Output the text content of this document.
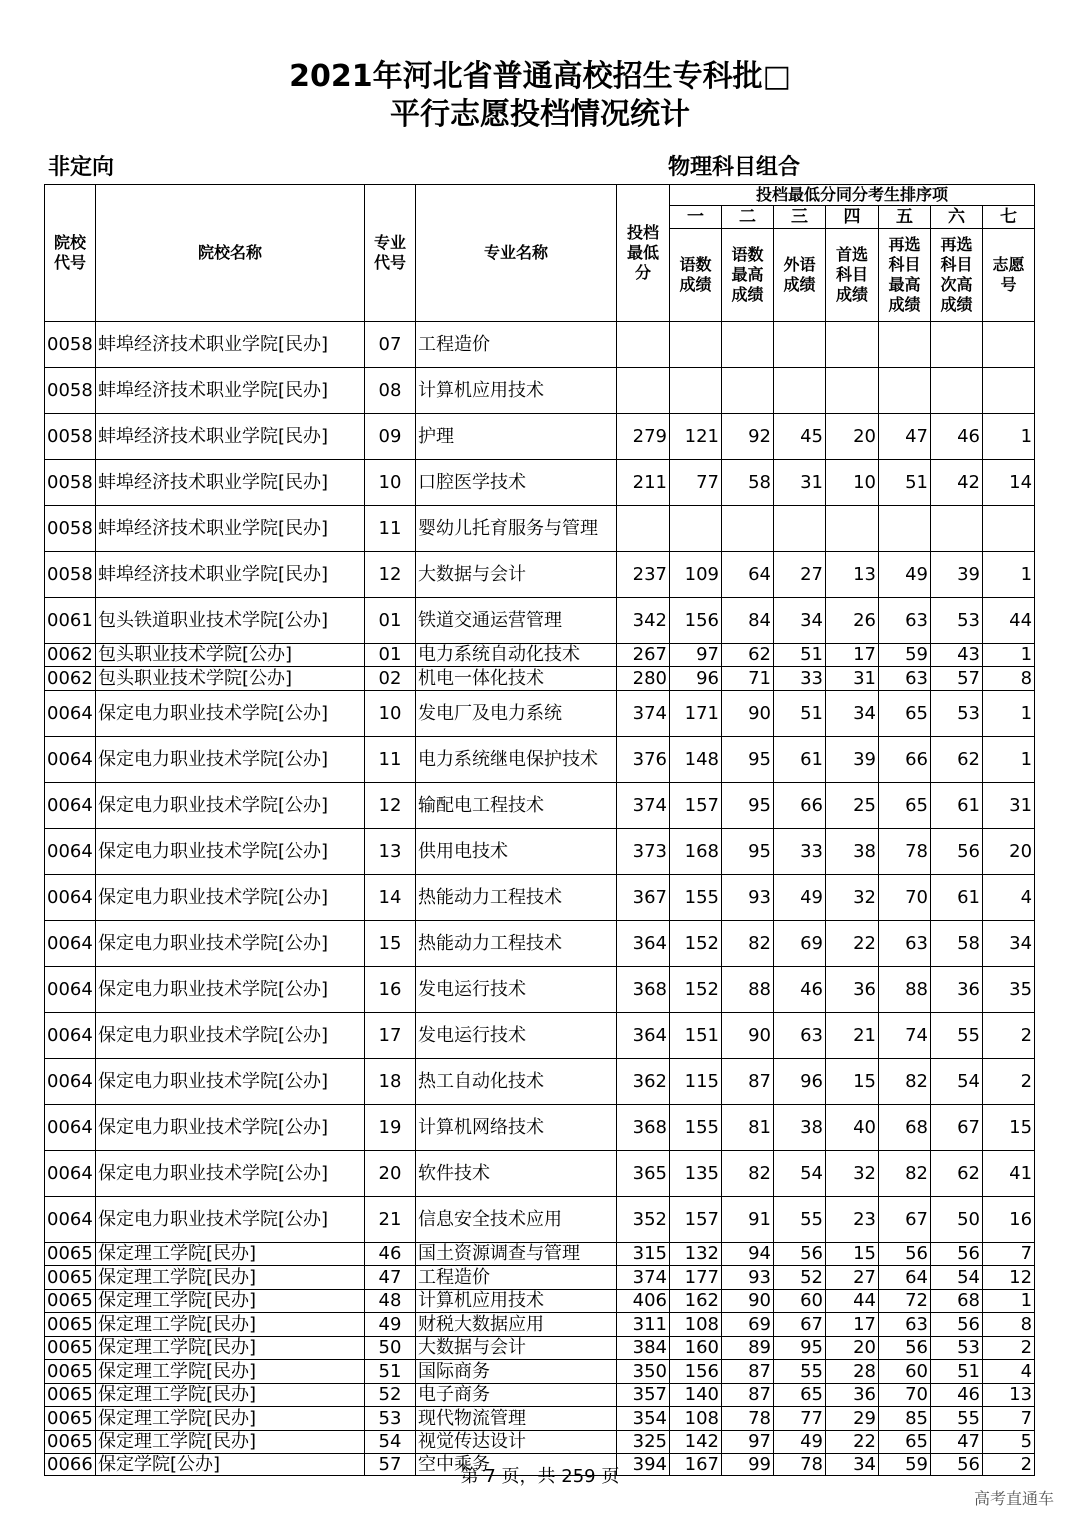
2021年河北省普通高校招生专科批□
平行志愿投档情况统计
非定向	物理科目组合
院校代号	院校名称	专业代号	专业名称	投档最低分	投档最低分同分考生排序项						
					一	二	三	四	五	六	七
					语数成绩	语数最高成绩	外语成绩	首选科目成绩	再选科目最高成绩	再选科目次高成绩	志愿号
0058	蚌埠经济技术职业学院[民办]	07	工程造价								
0058	蚌埠经济技术职业学院[民办]	08	计算机应用技术								
0058	蚌埠经济技术职业学院[民办]	09	护理	279	121	92	45	20	47	46	1
0058	蚌埠经济技术职业学院[民办]	10	口腔医学技术	211	77	58	31	10	51	42	14
0058	蚌埠经济技术职业学院[民办]	11	婴幼儿托育服务与管理								
0058	蚌埠经济技术职业学院[民办]	12	大数据与会计	237	109	64	27	13	49	39	1
0061	包头铁道职业技术学院[公办]	01	铁道交通运营管理	342	156	84	34	26	63	53	44
0062	包头职业技术学院[公办]	01	电力系统自动化技术	267	97	62	51	17	59	43	1
0062	包头职业技术学院[公办]	02	机电一体化技术	280	96	71	33	31	63	57	8
0064	保定电力职业技术学院[公办]	10	发电厂及电力系统	374	171	90	51	34	65	53	1
0064	保定电力职业技术学院[公办]	11	电力系统继电保护技术	376	148	95	61	39	66	62	1
0064	保定电力职业技术学院[公办]	12	输配电工程技术	374	157	95	66	25	65	61	31
0064	保定电力职业技术学院[公办]	13	供用电技术	373	168	95	33	38	78	56	20
0064	保定电力职业技术学院[公办]	14	热能动力工程技术	367	155	93	49	32	70	61	4
0064	保定电力职业技术学院[公办]	15	热能动力工程技术	364	152	82	69	22	63	58	34
0064	保定电力职业技术学院[公办]	16	发电运行技术	368	152	88	46	36	88	36	35
0064	保定电力职业技术学院[公办]	17	发电运行技术	364	151	90	63	21	74	55	2
0064	保定电力职业技术学院[公办]	18	热工自动化技术	362	115	87	96	15	82	54	2
0064	保定电力职业技术学院[公办]	19	计算机网络技术	368	155	81	38	40	68	67	15
0064	保定电力职业技术学院[公办]	20	软件技术	365	135	82	54	32	82	62	41
0064	保定电力职业技术学院[公办]	21	信息安全技术应用	352	157	91	55	23	67	50	16
0065	保定理工学院[民办]	46	国土资源调查与管理	315	132	94	56	15	56	56	7
0065	保定理工学院[民办]	47	工程造价	374	177	93	52	27	64	54	12
0065	保定理工学院[民办]	48	计算机应用技术	406	162	90	60	44	72	68	1
0065	保定理工学院[民办]	49	财税大数据应用	311	108	69	67	17	63	56	8
0065	保定理工学院[民办]	50	大数据与会计	384	160	89	95	20	56	53	2
0065	保定理工学院[民办]	51	国际商务	350	156	87	55	28	60	51	4
0065	保定理工学院[民办]	52	电子商务	357	140	87	65	36	70	46	13
0065	保定理工学院[民办]	53	现代物流管理	354	108	78	77	29	85	55	7
0065	保定理工学院[民办]	54	视觉传达设计	325	142	97	49	22	65	47	5
0066	保定学院[公办]	57	空中乘务	394	167	99	78	34	59	56	2
第 7 页，共 259 页
高考直通车
